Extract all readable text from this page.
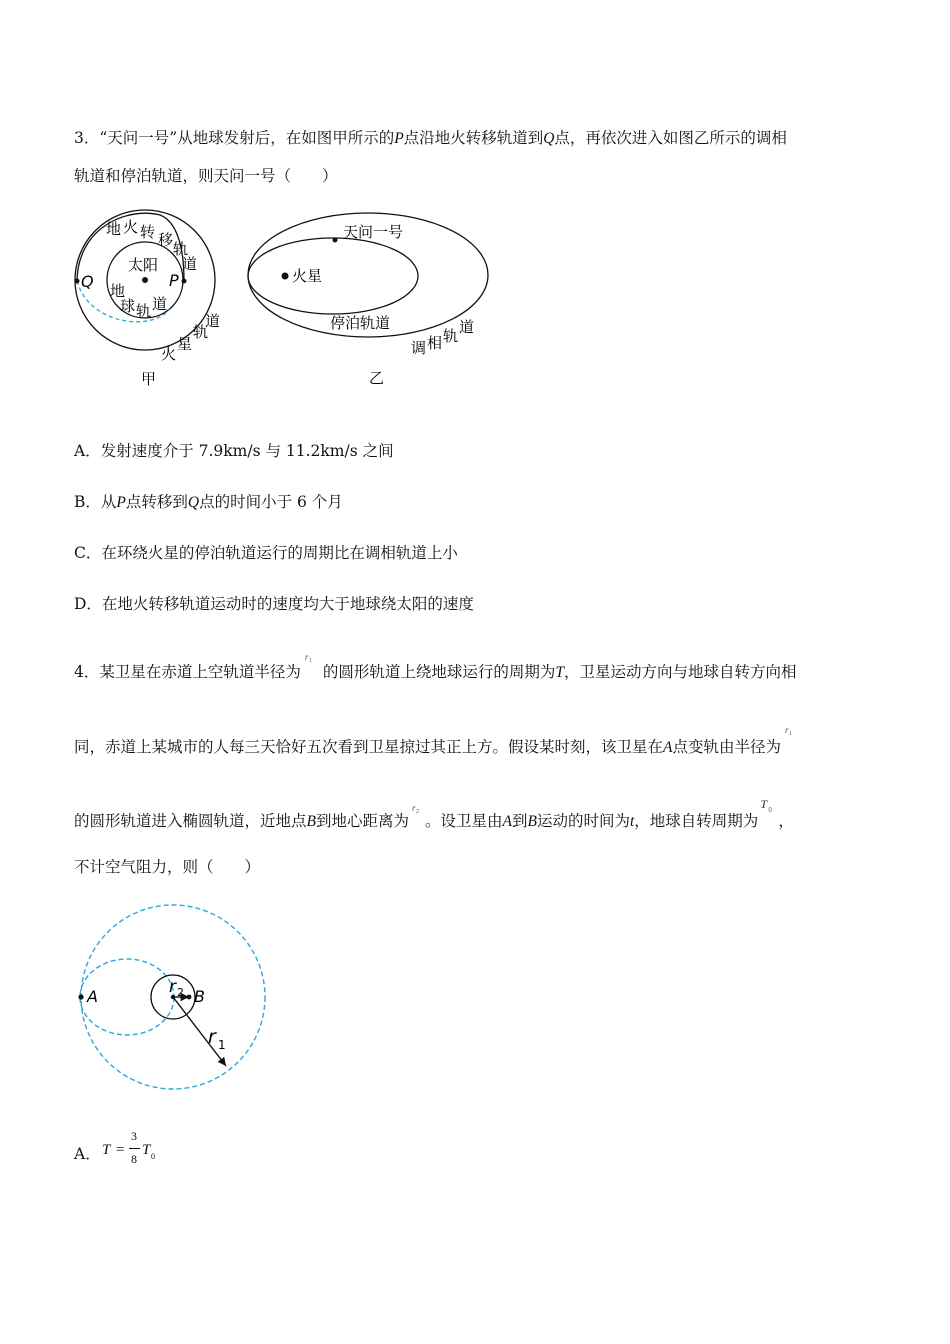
3．“天问一号”从地球发射后，在如图甲所示的P点沿地火转移轨道到Q点，再依次进入如图乙所示的调相
轨道和停泊轨道，则天问一号（　　）
太阳
P
Q
地 火 转 移 轨
道
地
球 轨 道
火
星
轨
道
甲
天问一号
火星
停泊轨道
调 相 轨 道
乙
A．发射速度介于 7.9km/s 与 11.2km/s 之间
B．从P点转移到Q点的时间小于 6 个月
C．在环绕火星的停泊轨道运行的周期比在调相轨道上小
D．在地火转移轨道运动时的速度均大于地球绕太阳的速度
4．某卫星在赤道上空轨道半径为
r 1
的圆形轨道上绕地球运行的周期为T，卫星运动方向与地球自转方向相
同，赤道上某城市的人每三天恰好五次看到卫星掠过其正上方。假设某时刻，该卫星在A点变轨由半径为
r 1
的圆形轨道进入椭圆轨道，近地点B到地心距离为
r 2 。设卫星由A到B运动的时间为t，地球自转周期为
T 0
，
不计空气阻力，则（　　）
A	B
r 2
r 1
A． T =
3
8
T 0
